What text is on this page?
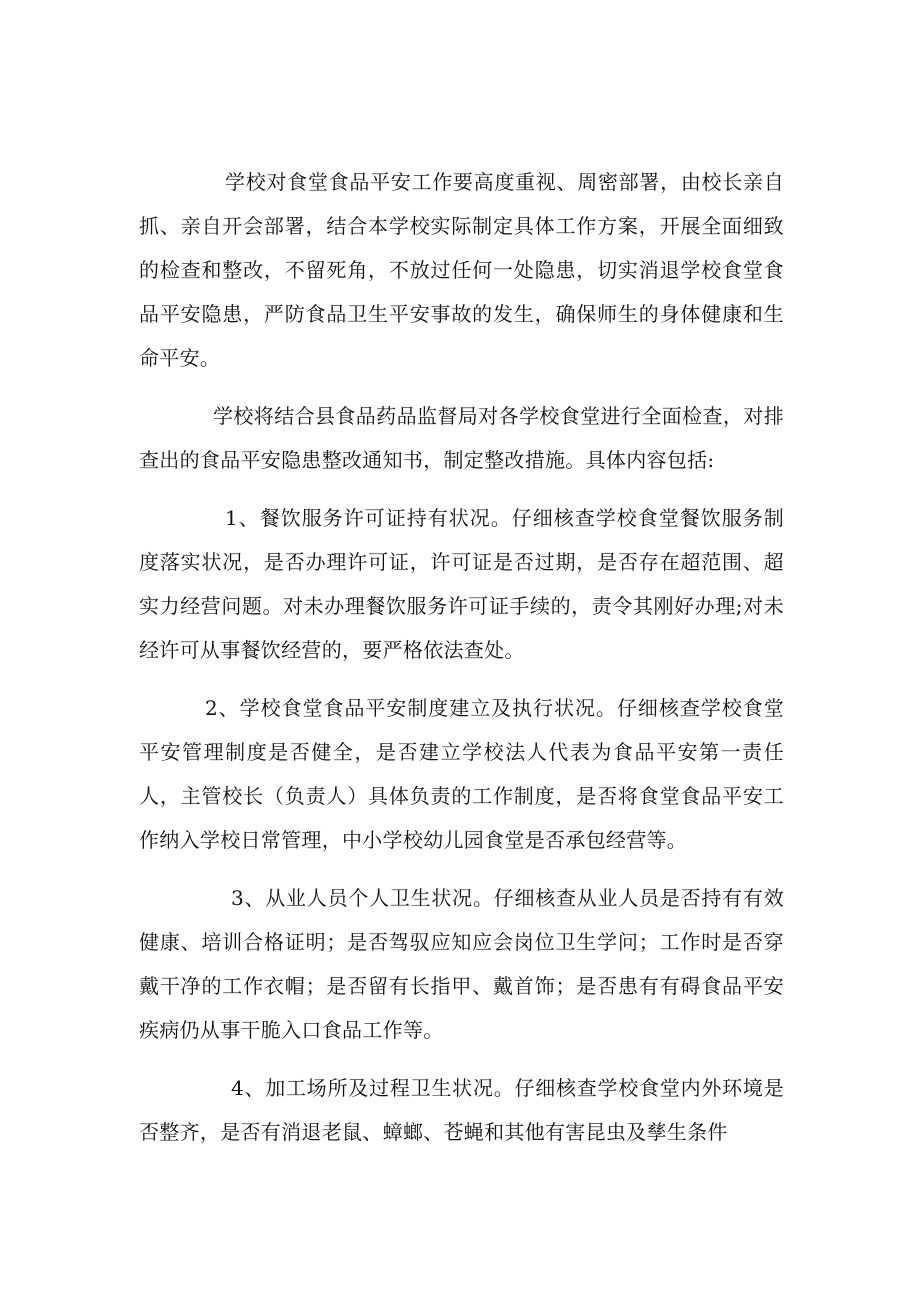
学校对食堂食品平安工作要高度重视、周密部署，由校长亲自抓、亲自开会部署，结合本学校实际制定具体工作方案，开展全面细致的检查和整改，不留死角，不放过任何一处隐患，切实消退学校食堂食品平安隐患，严防食品卫生平安事故的发生，确保师生的身体健康和生命平安。

学校将结合县食品药品监督局对各学校食堂进行全面检查，对排查出的食品平安隐患整改通知书，制定整改措施。具体内容包括:

1、餐饮服务许可证持有状况。仔细核查学校食堂餐饮服务制度落实状况，是否办理许可证，许可证是否过期，是否存在超范围、超实力经营问题。对未办理餐饮服务许可证手续的，责令其刚好办理;对未经许可从事餐饮经营的，要严格依法查处。

2、学校食堂食品平安制度建立及执行状况。仔细核查学校食堂平安管理制度是否健全，是否建立学校法人代表为食品平安第一责任人，主管校长（负责人）具体负责的工作制度，是否将食堂食品平安工作纳入学校日常管理，中小学校幼儿园食堂是否承包经营等。

3、从业人员个人卫生状况。仔细核查从业人员是否持有有效健康、培训合格证明；是否驾驭应知应会岗位卫生学问；工作时是否穿戴干净的工作衣帽；是否留有长指甲、戴首饰；是否患有有碍食品平安疾病仍从事干脆入口食品工作等。

4、加工场所及过程卫生状况。仔细核查学校食堂内外环境是否整齐，是否有消退老鼠、蟑螂、苍蝇和其他有害昆虫及孳生条件
